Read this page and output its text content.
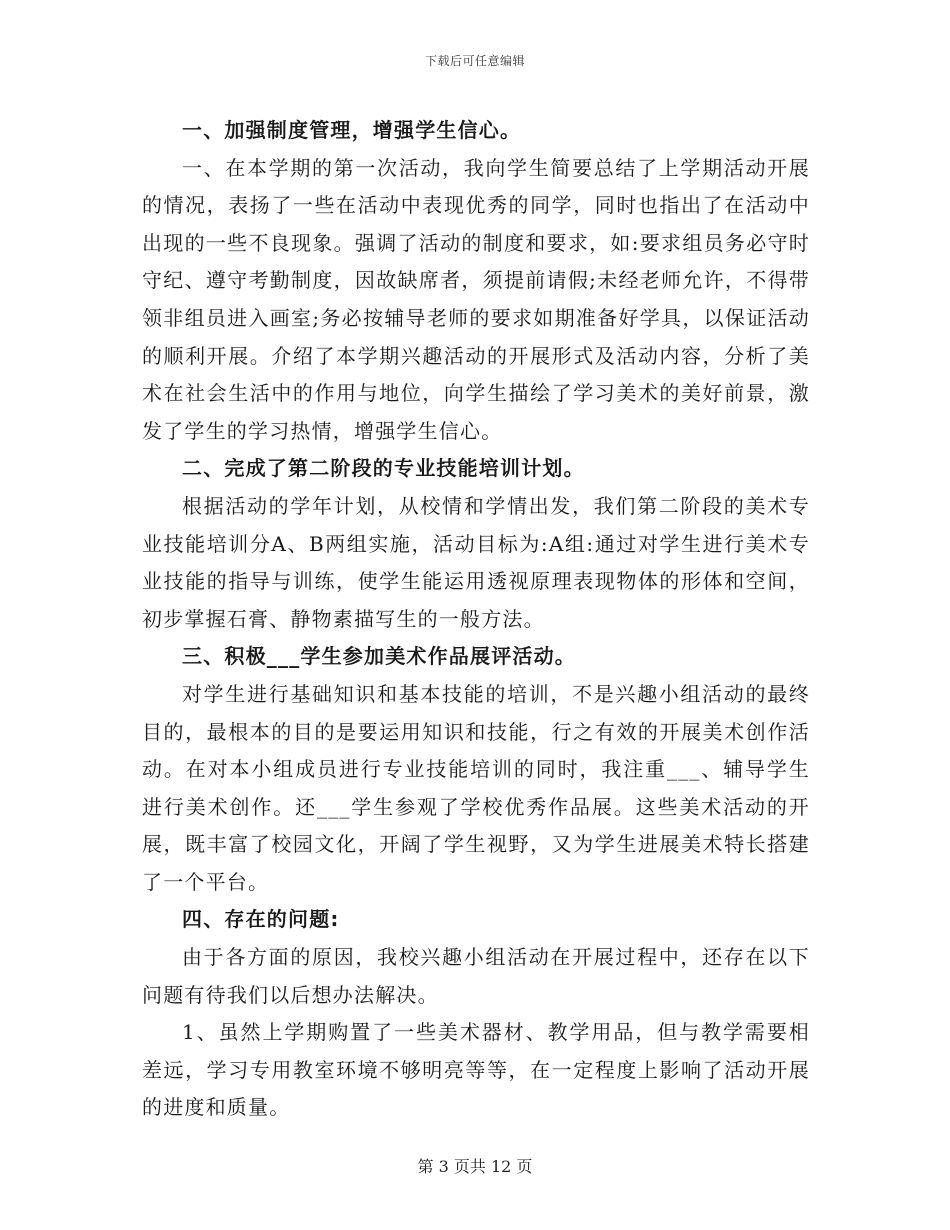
下载后可任意编辑
一、加强制度管理，增强学生信心。

一、在本学期的第一次活动，我向学生简要总结了上学期活动开展的情况，表扬了一些在活动中表现优秀的同学，同时也指出了在活动中出现的一些不良现象。强调了活动的制度和要求，如:要求组员务必守时守纪、遵守考勤制度，因故缺席者，须提前请假;未经老师允许，不得带领非组员进入画室;务必按辅导老师的要求如期准备好学具，以保证活动的顺利开展。介绍了本学期兴趣活动的开展形式及活动内容，分析了美术在社会生活中的作用与地位，向学生描绘了学习美术的美好前景，激发了学生的学习热情，增强学生信心。

二、完成了第二阶段的专业技能培训计划。

根据活动的学年计划，从校情和学情出发，我们第二阶段的美术专业技能培训分A、B两组实施，活动目标为:A组:通过对学生进行美术专业技能的指导与训练，使学生能运用透视原理表现物体的形体和空间，初步掌握石膏、静物素描写生的一般方法。

三、积极___学生参加美术作品展评活动。

对学生进行基础知识和基本技能的培训，不是兴趣小组活动的最终目的，最根本的目的是要运用知识和技能，行之有效的开展美术创作活动。在对本小组成员进行专业技能培训的同时，我注重___、辅导学生进行美术创作。还___学生参观了学校优秀作品展。这些美术活动的开展，既丰富了校园文化，开阔了学生视野，又为学生进展美术特长搭建了一个平台。

四、存在的问题:

由于各方面的原因，我校兴趣小组活动在开展过程中，还存在以下问题有待我们以后想办法解决。

1、虽然上学期购置了一些美术器材、教学用品，但与教学需要相差远，学习专用教室环境不够明亮等等，在一定程度上影响了活动开展的进度和质量。

第 3 页共 12 页
